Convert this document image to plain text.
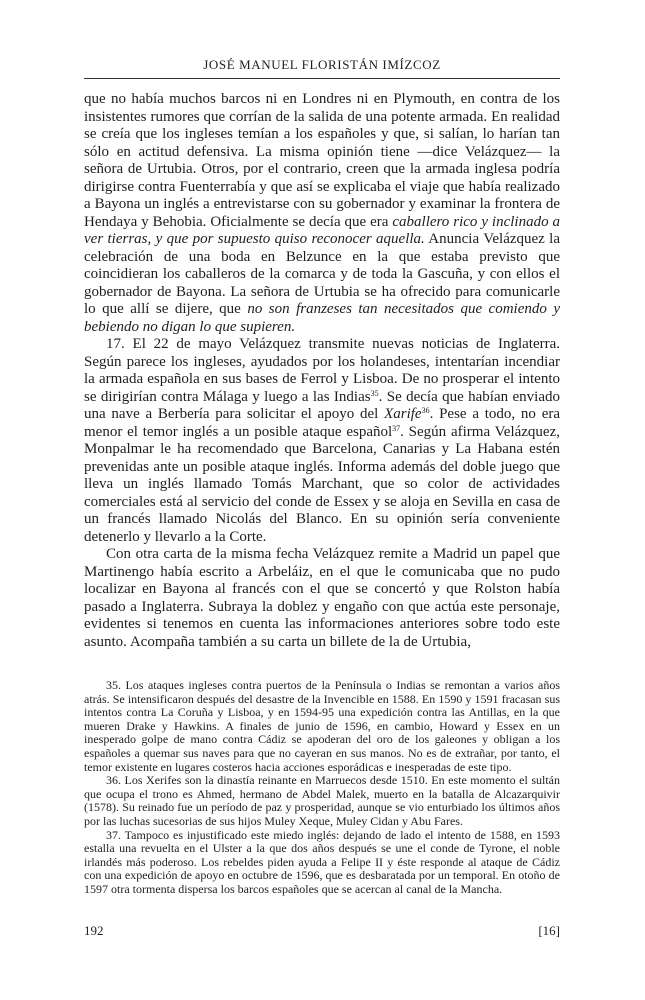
JOSÉ MANUEL FLORISTÁN IMÍZCOZ

que no había muchos barcos ni en Londres ni en Plymouth, en contra de los insistentes rumores que corrían de la salida de una potente armada. En realidad se creía que los ingleses temían a los españoles y que, si salían, lo harían tan sólo en actitud defensiva. La misma opinión tiene —dice Velázquez— la señora de Urtubia. Otros, por el contrario, creen que la armada inglesa podría dirigirse contra Fuenterrabía y que así se explicaba el viaje que había realizado a Bayona un inglés a entrevistarse con su gobernador y examinar la frontera de Hendaya y Behobia. Oficialmente se decía que era caballero rico y inclinado a ver tierras, y que por supuesto quiso reconocer aquella. Anuncia Velázquez la celebración de una boda en Belzunce en la que estaba previsto que coincidieran los caballeros de la comarca y de toda la Gascuña, y con ellos el gobernador de Bayona. La señora de Urtubia se ha ofrecido para comunicarle lo que allí se dijere, que no son franzeses tan necesitados que comiendo y bebiendo no digan lo que supieren.

17. El 22 de mayo Velázquez transmite nuevas noticias de Inglaterra. Según parece los ingleses, ayudados por los holandeses, intentarían incendiar la armada española en sus bases de Ferrol y Lisboa. De no prosperar el intento se dirigirían contra Málaga y luego a las Indias$^{35}$. Se decía que habían enviado una nave a Berbería para solicitar el apoyo del Xarife$^{36}$. Pese a todo, no era menor el temor inglés a un posible ataque español$^{37}$. Según afirma Velázquez, Monpalmar le ha recomendado que Barcelona, Canarias y La Habana estén prevenidas ante un posible ataque inglés. Informa además del doble juego que lleva un inglés llamado Tomás Marchant, que so color de actividades comerciales está al servicio del conde de Essex y se aloja en Sevilla en casa de un francés llamado Nicolás del Blanco. En su opinión sería conveniente detenerlo y llevarlo a la Corte.

Con otra carta de la misma fecha Velázquez remite a Madrid un papel que Martinengo había escrito a Arbeláiz, en el que le comunicaba que no pudo localizar en Bayona al francés con el que se concertó y que Rolston había pasado a Inglaterra. Subraya la doblez y engaño con que actúa este personaje, evidentes si tenemos en cuenta las informaciones anteriores sobre todo este asunto. Acompaña también a su carta un billete de la de Urtubia,

35. Los ataques ingleses contra puertos de la Península o Indias se remontan a varios años atrás. Se intensificaron después del desastre de la Invencible en 1588. En 1590 y 1591 fracasan sus intentos contra La Coruña y Lisboa, y en 1594-95 una expedición contra las Antillas, en la que mueren Drake y Hawkins. A finales de junio de 1596, en cambio, Howard y Essex en un inesperado golpe de mano contra Cádiz se apoderan del oro de los galeones y obligan a los españoles a quemar sus naves para que no cayeran en sus manos. No es de extrañar, por tanto, el temor existente en lugares costeros hacia acciones esporádicas e inesperadas de este tipo.

36. Los Xerifes son la dinastía reinante en Marruecos desde 1510. En este momento el sultán que ocupa el trono es Ahmed, hermano de Abdel Malek, muerto en la batalla de Alcazarquivir (1578). Su reinado fue un período de paz y prosperidad, aunque se vio enturbiado los últimos años por las luchas sucesorias de sus hijos Muley Xeque, Muley Cidan y Abu Fares.

37. Tampoco es injustificado este miedo inglés: dejando de lado el intento de 1588, en 1593 estalla una revuelta en el Ulster a la que dos años después se une el conde de Tyrone, el noble irlandés más poderoso. Los rebeldes piden ayuda a Felipe II y éste responde al ataque de Cádiz con una expedición de apoyo en octubre de 1596, que es desbaratada por un temporal. En otoño de 1597 otra tormenta dispersa los barcos españoles que se acercan al canal de la Mancha.

192	[16]
